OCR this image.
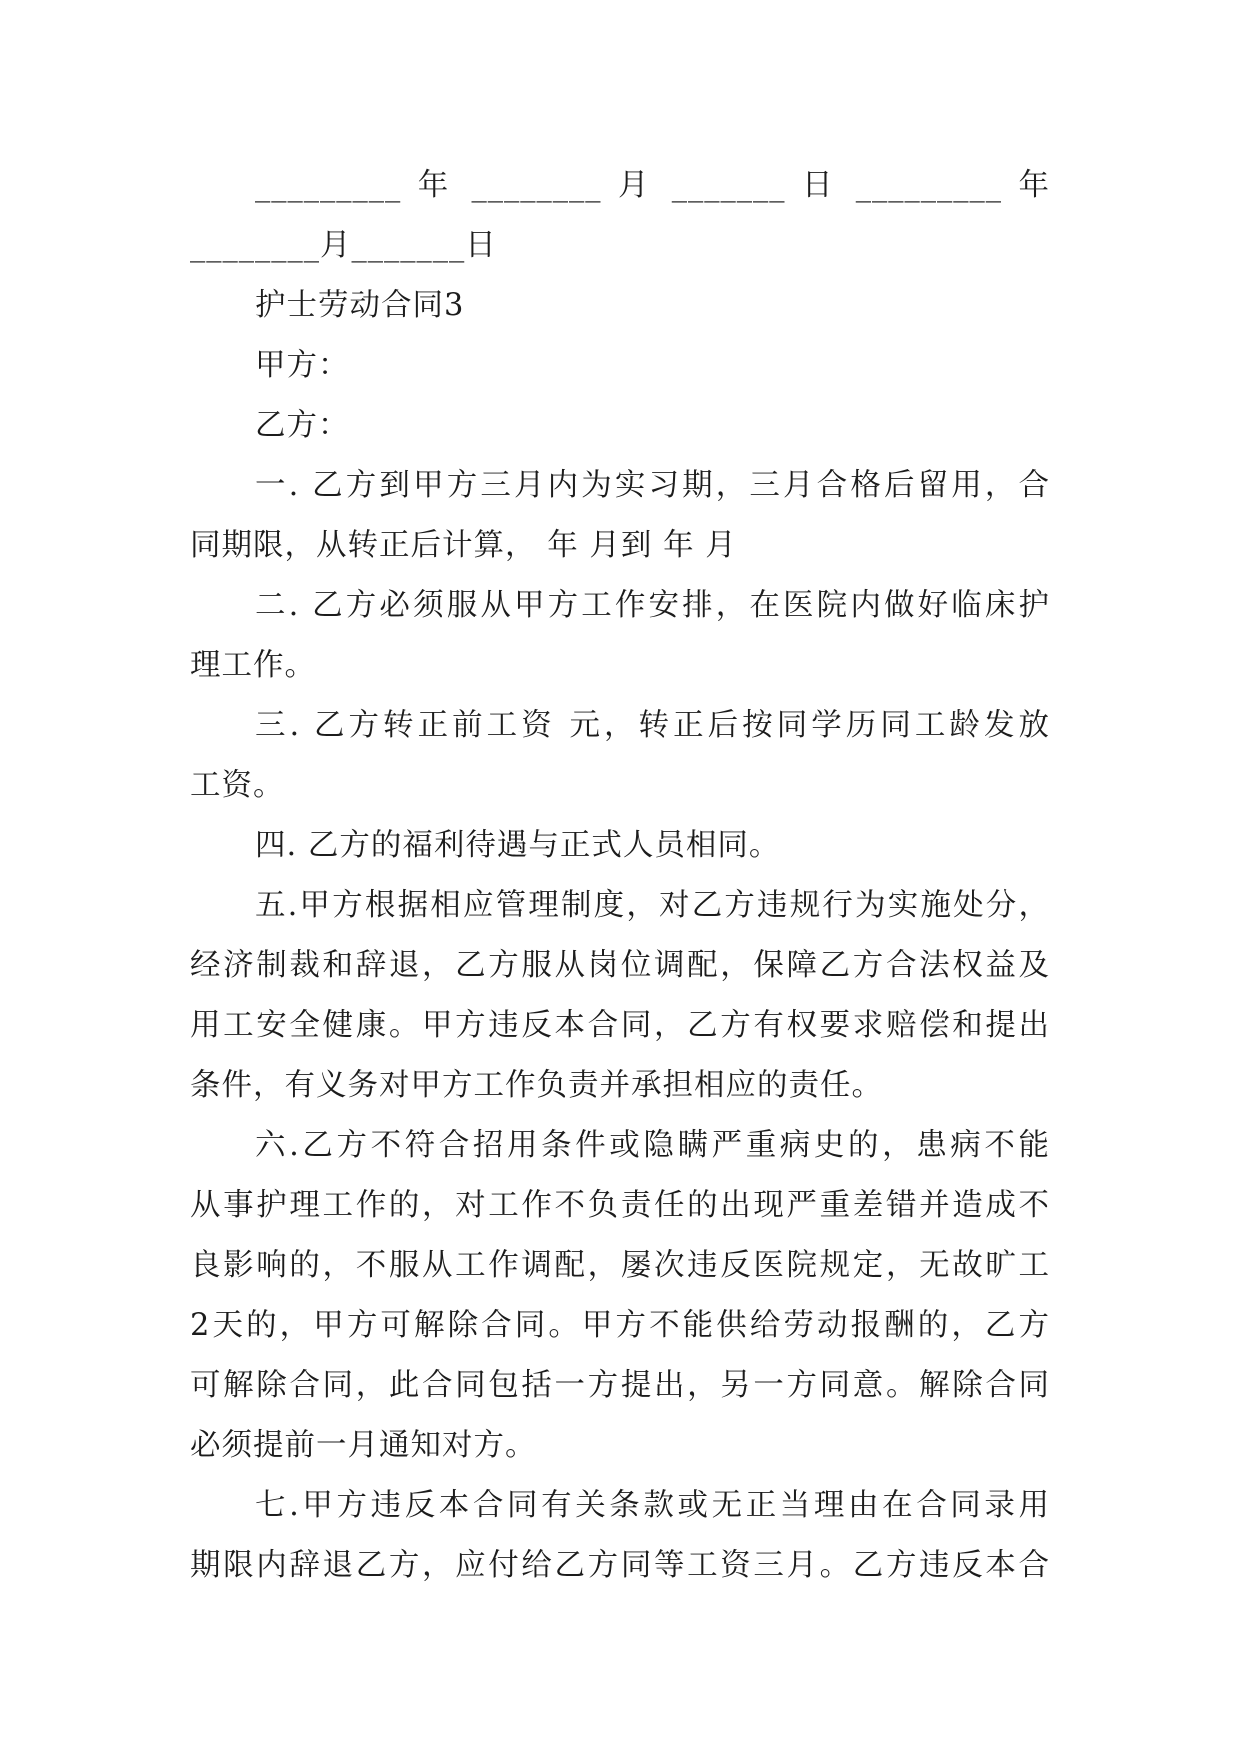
_________ 年 ________ 月 _______ 日 _________ 年
________月_______日
护士劳动合同3
甲方：
乙方：
一. 乙方到甲方三月内为实习期，三月合格后留用，合
同期限，从转正后计算， 年 月到 年 月
二. 乙方必须服从甲方工作安排，在医院内做好临床护
理工作。
三. 乙方转正前工资 元，转正后按同学历同工龄发放
工资。
四. 乙方的福利待遇与正式人员相同。
五.甲方根据相应管理制度，对乙方违规行为实施处分，
经济制裁和辞退，乙方服从岗位调配，保障乙方合法权益及
用工安全健康。甲方违反本合同，乙方有权要求赔偿和提出
条件，有义务对甲方工作负责并承担相应的责任。
六.乙方不符合招用条件或隐瞒严重病史的，患病不能
从事护理工作的，对工作不负责任的出现严重差错并造成不
良影响的，不服从工作调配，屡次违反医院规定，无故旷工
2天的，甲方可解除合同。甲方不能供给劳动报酬的，乙方
可解除合同，此合同包括一方提出，另一方同意。解除合同
必须提前一月通知对方。
七.甲方违反本合同有关条款或无正当理由在合同录用
期限内辞退乙方，应付给乙方同等工资三月。乙方违反本合
